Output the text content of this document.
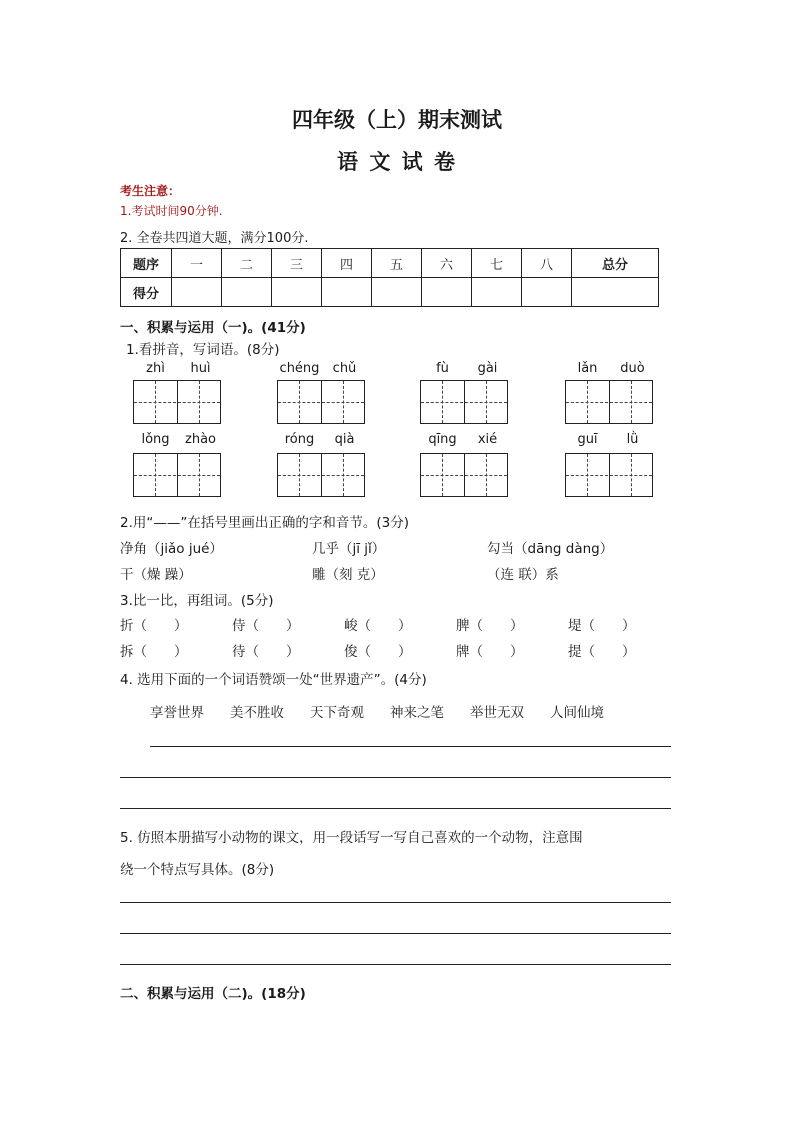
四年级（上）期末测试
语 文 试 卷
考生注意：
1.考试时间90分钟.
2. 全卷共四道大题，满分100分.
题序	一	二	三	四	五	六	七	八	总分
得分									
一、积累与运用（一)。(41分)
1.看拼音，写词语。(8分)
zhì	huì	chéng	chǔ	fù	gài	lǎn	duò
lǒng	zhào	róng	qià	qīng	xié	guī	lǜ
2.用“——”在括号里画出正确的字和音节。(3分)
净角（jiǎo jué）	几乎（jī jǐ）	勾当（dāng dàng）
干（燥 躁）	雕（刻 克）	（连 联）系
3.比一比，再组词。(5分)
折（　　）	侍（　　）	峻（　　）	脾（　　）	堤（　　）
拆（　　）	待（　　）	俊（　　）	牌（　　）	提（　　）
4. 选用下面的一个词语赞颂一处“世界遗产”。(4分)
享誉世界 美不胜收 天下奇观 神来之笔 举世无双 人间仙境
5. 仿照本册描写小动物的课文，用一段话写一写自己喜欢的一个动物，注意围
绕一个特点写具体。(8分)
二、积累与运用（二)。(18分)
